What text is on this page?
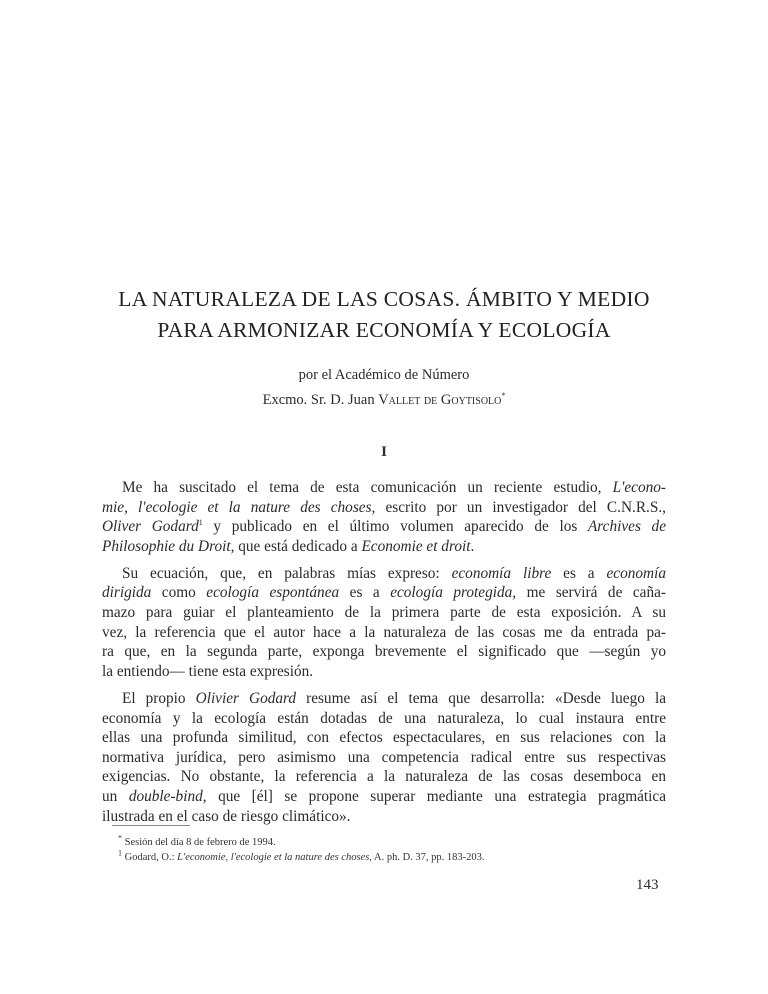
LA NATURALEZA DE LAS COSAS. ÁMBITO Y MEDIO
PARA ARMONIZAR ECONOMÍA Y ECOLOGÍA
por el Académico de Número
Excmo. Sr. D. Juan Vallet de Goytisolo*
I
Me ha suscitado el tema de esta comunicación un reciente estudio, L'econo-
mie, l'ecologie et la nature des choses, escrito por un investigador del C.N.R.S.,
Oliver Godard$^1$ y publicado en el último volumen aparecido de los Archives de
Philosophie du Droit, que está dedicado a Economie et droit.
Su ecuación, que, en palabras mías expreso: economía libre es a economía
dirigida como ecología espontánea es a ecología protegida, me servirá de caña-
mazo para guiar el planteamiento de la primera parte de esta exposición. A su
vez, la referencia que el autor hace a la naturaleza de las cosas me da entrada pa-
ra que, en la segunda parte, exponga brevemente el significado que —según yo
la entiendo— tiene esta expresión.
El propio Olivier Godard resume así el tema que desarrolla: «Desde luego la
economía y la ecología están dotadas de una naturaleza, lo cual instaura entre
ellas una profunda similitud, con efectos espectaculares, en sus relaciones con la
normativa jurídica, pero asimismo una competencia radical entre sus respectivas
exigencias. No obstante, la referencia a la naturaleza de las cosas desemboca en
un double-bind, que [él] se propone superar mediante una estrategia pragmática
ilustrada en el caso de riesgo climático».
* Sesión del día 8 de febrero de 1994.
$^1$ Godard, O.: L'economie, l'ecologie et la nature des choses, A. ph. D. 37, pp. 183-203.
143
